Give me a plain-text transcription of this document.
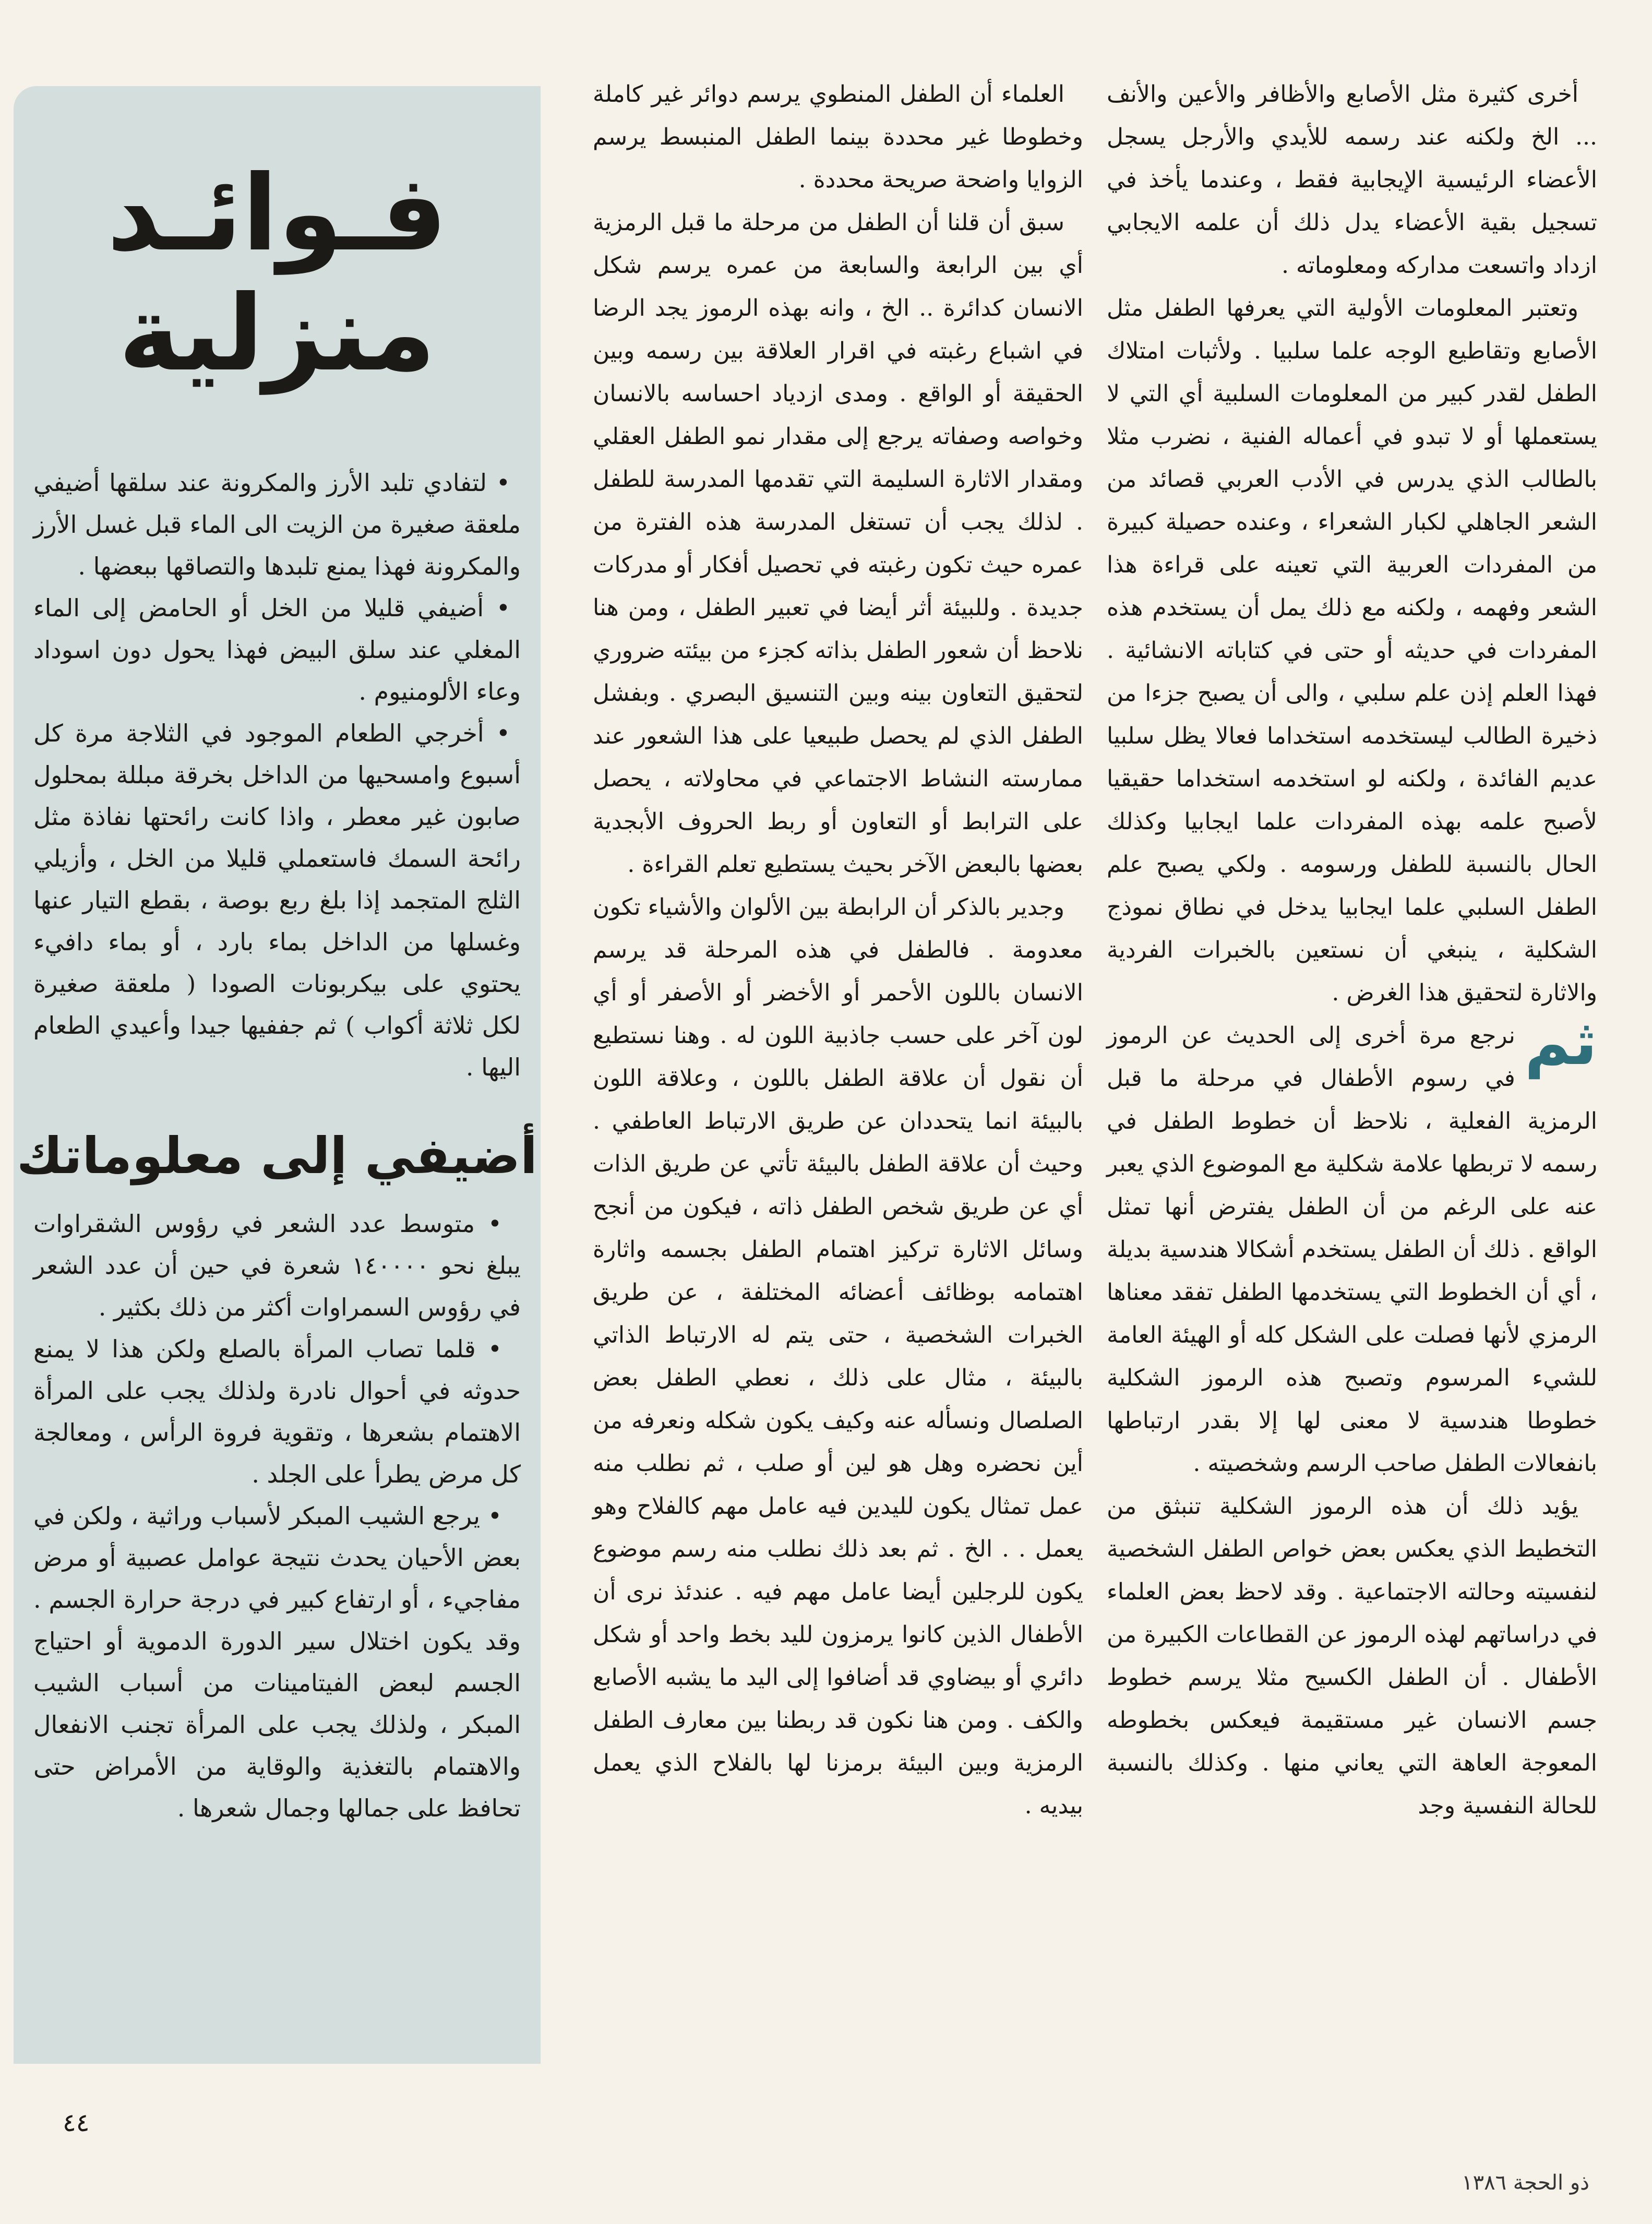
أخرى كثيرة مثل الأصابع والأظافر والأعين والأنف ... الخ ولكنه عند رسمه للأيدي والأرجل يسجل الأعضاء الرئيسية الإيجابية فقط ، وعندما يأخذ في تسجيل بقية الأعضاء يدل ذلك أن علمه الايجابي ازداد واتسعت مداركه ومعلوماته .

وتعتبر المعلومات الأولية التي يعرفها الطفل مثل الأصابع وتقاطيع الوجه علما سلبيا . ولأثبات امتلاك الطفل لقدر كبير من المعلومات السلبية أي التي لا يستعملها أو لا تبدو في أعماله الفنية ، نضرب مثلا بالطالب الذي يدرس في الأدب العربي قصائد من الشعر الجاهلي لكبار الشعراء ، وعنده حصيلة كبيرة من المفردات العربية التي تعينه على قراءة هذا الشعر وفهمه ، ولكنه مع ذلك يمل أن يستخدم هذه المفردات في حديثه أو حتى في كتاباته الانشائية . فهذا العلم إذن علم سلبي ، والى أن يصبح جزءا من ذخيرة الطالب ليستخدمه استخداما فعالا يظل سلبيا عديم الفائدة ، ولكنه لو استخدمه استخداما حقيقيا لأصبح علمه بهذه المفردات علما ايجابيا وكذلك الحال بالنسبة للطفل ورسومه . ولكي يصبح علم الطفل السلبي علما ايجابيا يدخل في نطاق نموذج الشكلية ، ينبغي أن نستعين بالخبرات الفردية والاثارة لتحقيق هذا الغرض .

ثم
نرجع مرة أخرى إلى الحديث عن الرموز في رسوم الأطفال في مرحلة ما قبل الرمزية الفعلية ، نلاحظ أن خطوط الطفل في رسمه لا تربطها علامة شكلية مع الموضوع الذي يعبر عنه على الرغم من أن الطفل يفترض أنها تمثل الواقع . ذلك أن الطفل يستخدم أشكالا هندسية بديلة ، أي أن الخطوط التي يستخدمها الطفل تفقد معناها الرمزي لأنها فصلت على الشكل كله أو الهيئة العامة للشيء المرسوم وتصبح هذه الرموز الشكلية خطوطا هندسية لا معنى لها إلا بقدر ارتباطها بانفعالات الطفل صاحب الرسم وشخصيته .

يؤيد ذلك أن هذه الرموز الشكلية تنبثق من التخطيط الذي يعكس بعض خواص الطفل الشخصية لنفسيته وحالته الاجتماعية . وقد لاحظ بعض العلماء في دراساتهم لهذه الرموز عن القطاعات الكبيرة من الأطفال . أن الطفل الكسيح مثلا يرسم خطوط جسم الانسان غير مستقيمة فيعكس بخطوطه المعوجة العاهة التي يعاني منها . وكذلك بالنسبة للحالة النفسية وجد

العلماء أن الطفل المنطوي يرسم دوائر غير كاملة وخطوطا غير محددة بينما الطفل المنبسط يرسم الزوايا واضحة صريحة محددة .

سبق أن قلنا أن الطفل من مرحلة ما قبل الرمزية أي بين الرابعة والسابعة من عمره يرسم شكل الانسان كدائرة .. الخ ، وانه بهذه الرموز يجد الرضا في اشباع رغبته في اقرار العلاقة بين رسمه وبين الحقيقة أو الواقع . ومدى ازدياد احساسه بالانسان وخواصه وصفاته يرجع إلى مقدار نمو الطفل العقلي ومقدار الاثارة السليمة التي تقدمها المدرسة للطفل . لذلك يجب أن تستغل المدرسة هذه الفترة من عمره حيث تكون رغبته في تحصيل أفكار أو مدركات جديدة . وللبيئة أثر أيضا في تعبير الطفل ، ومن هنا نلاحظ أن شعور الطفل بذاته كجزء من بيئته ضروري لتحقيق التعاون بينه وبين التنسيق البصري . وبفشل الطفل الذي لم يحصل طبيعيا على هذا الشعور عند ممارسته النشاط الاجتماعي في محاولاته ، يحصل على الترابط أو التعاون أو ربط الحروف الأبجدية بعضها بالبعض الآخر بحيث يستطيع تعلم القراءة .

وجدير بالذكر أن الرابطة بين الألوان والأشياء تكون معدومة . فالطفل في هذه المرحلة قد يرسم الانسان باللون الأحمر أو الأخضر أو الأصفر أو أي لون آخر على حسب جاذبية اللون له . وهنا نستطيع أن نقول أن علاقة الطفل باللون ، وعلاقة اللون بالبيئة انما يتحددان عن طريق الارتباط العاطفي . وحيث أن علاقة الطفل بالبيئة تأتي عن طريق الذات أي عن طريق شخص الطفل ذاته ، فيكون من أنجح وسائل الاثارة تركيز اهتمام الطفل بجسمه واثارة اهتمامه بوظائف أعضائه المختلفة ، عن طريق الخبرات الشخصية ، حتى يتم له الارتباط الذاتي بالبيئة ، مثال على ذلك ، نعطي الطفل بعض الصلصال ونسأله عنه وكيف يكون شكله ونعرفه من أين نحضره وهل هو لين أو صلب ، ثم نطلب منه عمل تمثال يكون لليدين فيه عامل مهم كالفلاح وهو يعمل . . الخ . ثم بعد ذلك نطلب منه رسم موضوع يكون للرجلين أيضا عامل مهم فيه . عندئذ نرى أن الأطفال الذين كانوا يرمزون لليد بخط واحد أو شكل دائري أو بيضاوي قد أضافوا إلى اليد ما يشبه الأصابع والكف . ومن هنا نكون قد ربطنا بين معارف الطفل الرمزية وبين البيئة برمزنا لها بالفلاح الذي يعمل بيديه .

فـوائـد
منزلية

• لتفادي تلبد الأرز والمكرونة عند سلقها أضيفي ملعقة صغيرة من الزيت الى الماء قبل غسل الأرز والمكرونة فهذا يمنع تلبدها والتصاقها ببعضها .

• أضيفي قليلا من الخل أو الحامض إلى الماء المغلي عند سلق البيض فهذا يحول دون اسوداد وعاء الألومنيوم .

• أخرجي الطعام الموجود في الثلاجة مرة كل أسبوع وامسحيها من الداخل بخرقة مبللة بمحلول صابون غير معطر ، واذا كانت رائحتها نفاذة مثل رائحة السمك فاستعملي قليلا من الخل ، وأزيلي الثلج المتجمد إذا بلغ ربع بوصة ، بقطع التيار عنها وغسلها من الداخل بماء بارد ، أو بماء دافيء يحتوي على بيكربونات الصودا ( ملعقة صغيرة لكل ثلاثة أكواب ) ثم جففيها جيدا وأعيدي الطعام اليها .

أضيفي إلى معلوماتك

• متوسط عدد الشعر في رؤوس الشقراوات يبلغ نحو ١٤٠٠٠٠ شعرة في حين أن عدد الشعر في رؤوس السمراوات أكثر من ذلك بكثير .

• قلما تصاب المرأة بالصلع ولكن هذا لا يمنع حدوثه في أحوال نادرة ولذلك يجب على المرأة الاهتمام بشعرها ، وتقوية فروة الرأس ، ومعالجة كل مرض يطرأ على الجلد .

• يرجع الشيب المبكر لأسباب وراثية ، ولكن في بعض الأحيان يحدث نتيجة عوامل عصبية أو مرض مفاجيء ، أو ارتفاع كبير في درجة حرارة الجسم . وقد يكون اختلال سير الدورة الدموية أو احتياج الجسم لبعض الفيتامينات من أسباب الشيب المبكر ، ولذلك يجب على المرأة تجنب الانفعال والاهتمام بالتغذية والوقاية من الأمراض حتى تحافظ على جمالها وجمال شعرها .

٤٤
ذو الحجة ١٣٨٦
